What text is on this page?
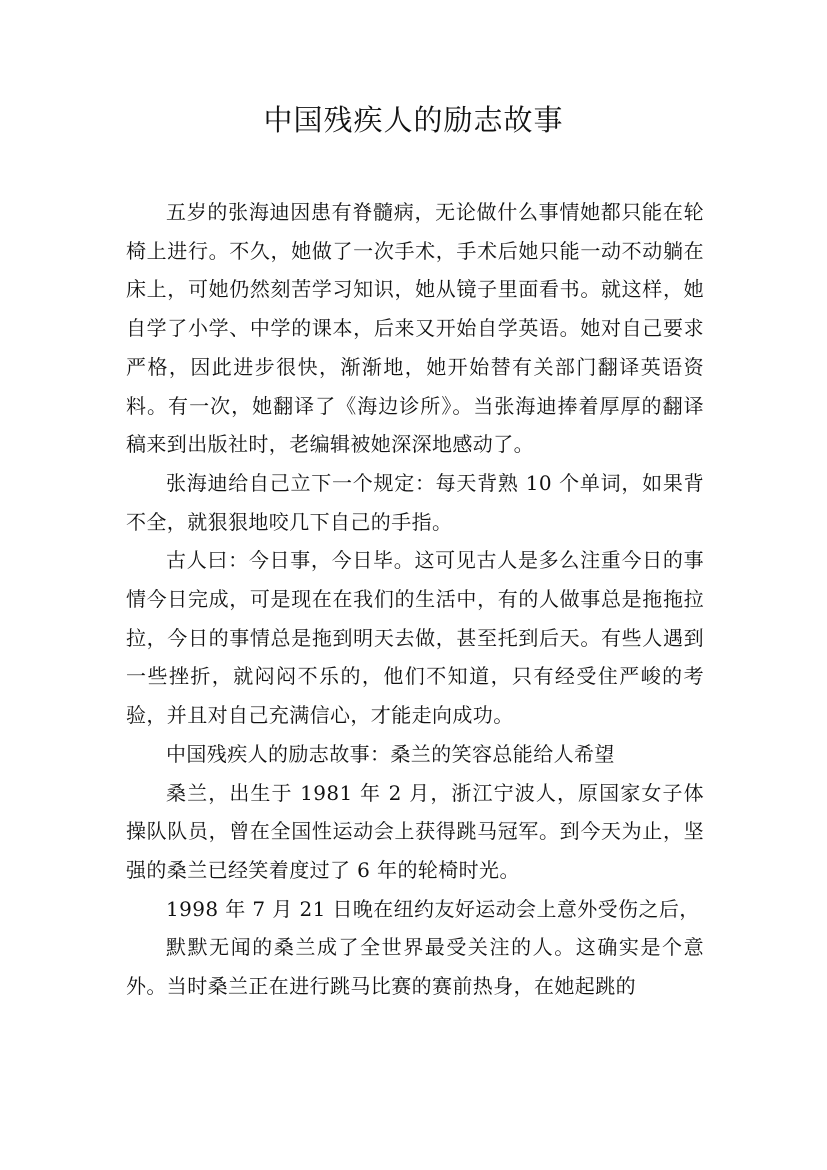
中国残疾人的励志故事

五岁的张海迪因患有脊髓病，无论做什么事情她都只能在轮椅上进行。不久，她做了一次手术，手术后她只能一动不动躺在床上，可她仍然刻苦学习知识，她从镜子里面看书。就这样，她自学了小学、中学的课本，后来又开始自学英语。她对自己要求严格，因此进步很快，渐渐地，她开始替有关部门翻译英语资料。有一次，她翻译了《海边诊所》。当张海迪捧着厚厚的翻译稿来到出版社时，老编辑被她深深地感动了。

张海迪给自己立下一个规定：每天背熟 10 个单词，如果背不全，就狠狠地咬几下自己的手指。

古人曰：今日事，今日毕。这可见古人是多么注重今日的事情今日完成，可是现在在我们的生活中，有的人做事总是拖拖拉拉，今日的事情总是拖到明天去做，甚至托到后天。有些人遇到一些挫折，就闷闷不乐的，他们不知道，只有经受住严峻的考验，并且对自己充满信心，才能走向成功。

中国残疾人的励志故事：桑兰的笑容总能给人希望

桑兰，出生于 1981 年 2 月，浙江宁波人，原国家女子体操队队员，曾在全国性运动会上获得跳马冠军。到今天为止，坚强的桑兰已经笑着度过了 6 年的轮椅时光。

1998 年 7 月 21 日晚在纽约友好运动会上意外受伤之后，

默默无闻的桑兰成了全世界最受关注的人。这确实是个意外。当时桑兰正在进行跳马比赛的赛前热身，在她起跳的
